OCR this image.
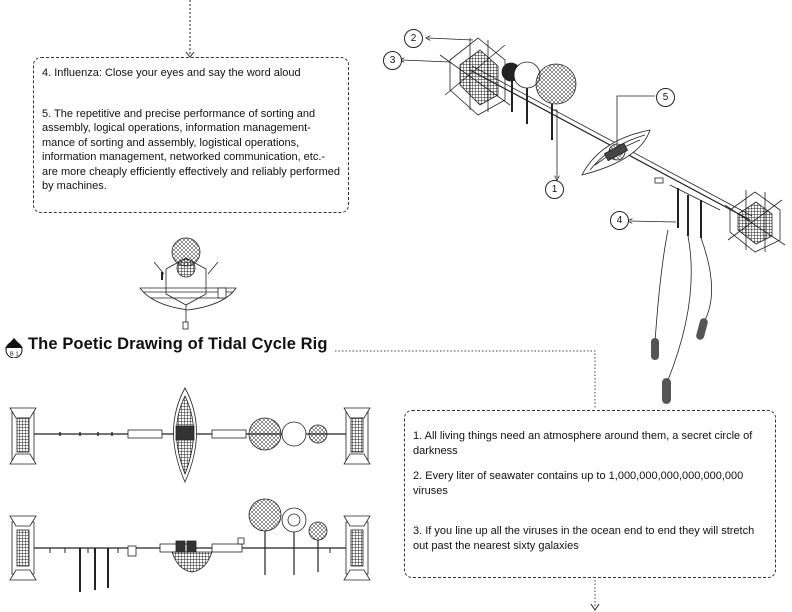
2
3
5
1
4

4. Influenza: Close your eyes and say the word aloud

5. The repetitive and precise performance of sorting and assembly, logical operations, information management-mance of sorting and assembly, logistical operations, information management, networked communication, etc.- are more cheaply efficiently effectively and reliably performed by machines.

B 1
The Poetic Drawing of Tidal Cycle Rig

1. All living things need an atmosphere around them, a secret circle of darkness

2. Every liter of seawater contains up to 1,000,000,000,000,000,000 viruses

3. If you line up all the viruses in the ocean end to end they will stretch out past the nearest sixty galaxies
